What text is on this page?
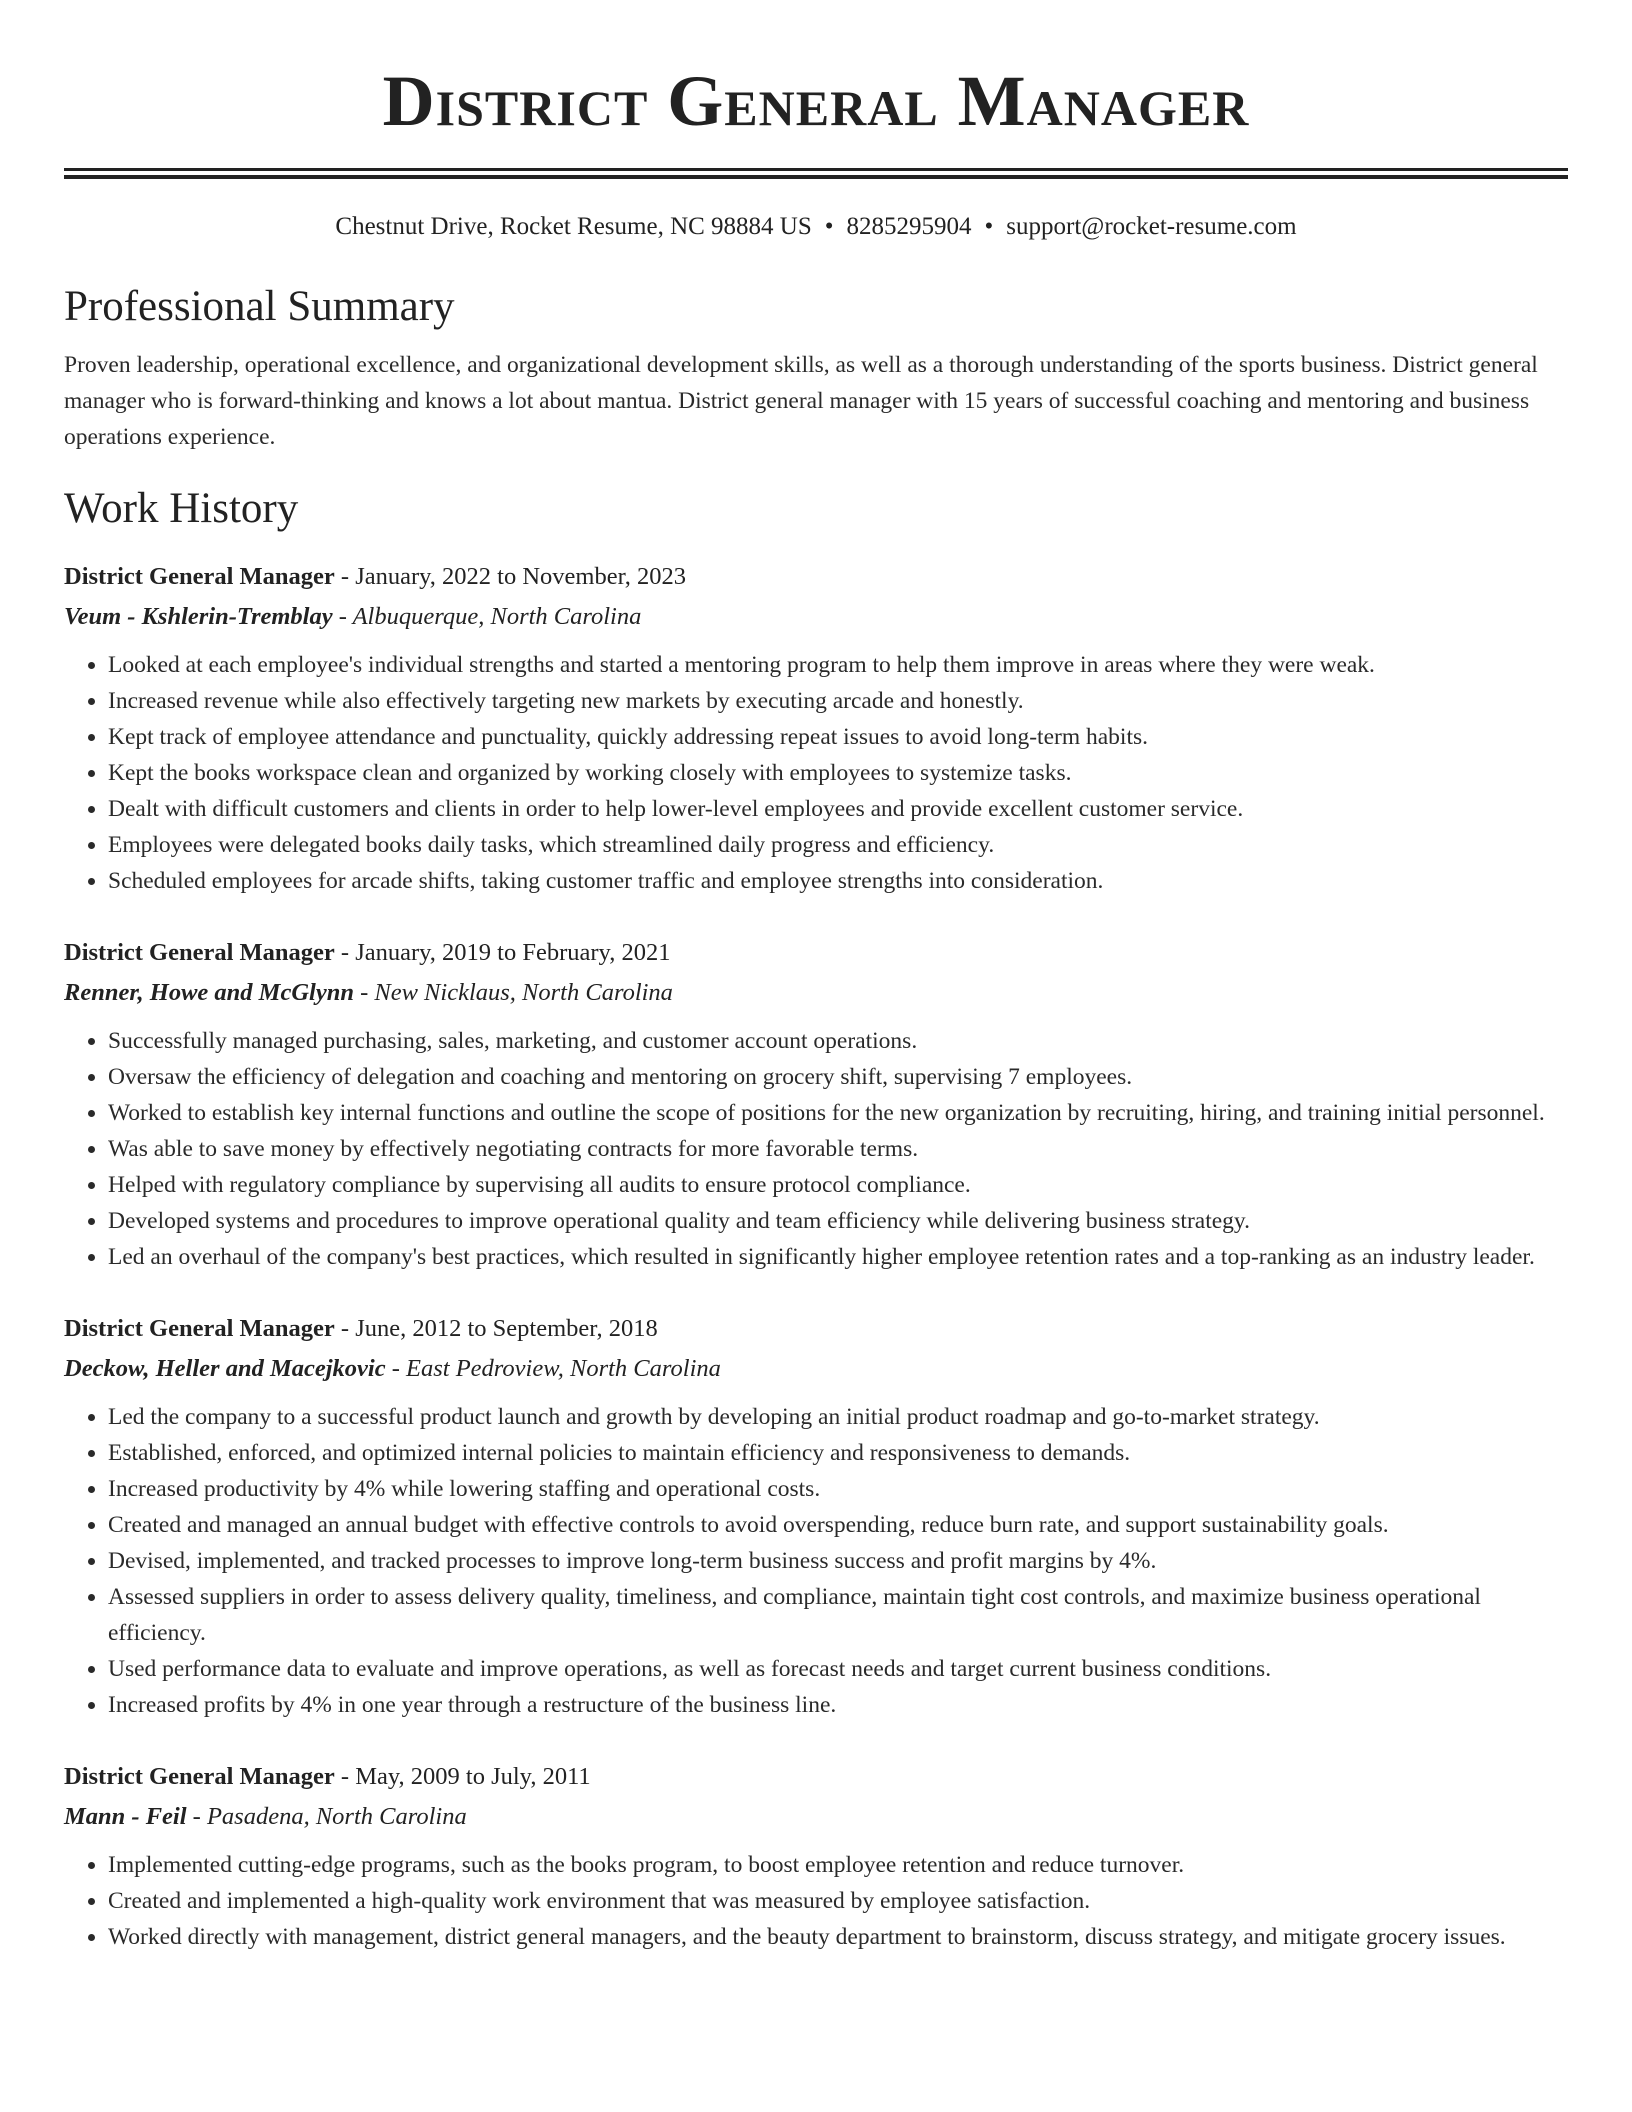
District General Manager
Chestnut Drive, Rocket Resume, NC 98884 US • 8285295904 • support@rocket-resume.com
Professional Summary

Proven leadership, operational excellence, and organizational development skills, as well as a thorough understanding of the sports business. District general manager who is forward-thinking and knows a lot about mantua. District general manager with 15 years of successful coaching and mentoring and business operations experience.

Work History
District General Manager - January, 2022 to November, 2023
Veum - Kshlerin-Tremblay - Albuquerque, North Carolina
• Looked at each employee's individual strengths and started a mentoring program to help them improve in areas where they were weak.
• Increased revenue while also effectively targeting new markets by executing arcade and honestly.
• Kept track of employee attendance and punctuality, quickly addressing repeat issues to avoid long-term habits.
• Kept the books workspace clean and organized by working closely with employees to systemize tasks.
• Dealt with difficult customers and clients in order to help lower-level employees and provide excellent customer service.
• Employees were delegated books daily tasks, which streamlined daily progress and efficiency.
• Scheduled employees for arcade shifts, taking customer traffic and employee strengths into consideration.
District General Manager - January, 2019 to February, 2021
Renner, Howe and McGlynn - New Nicklaus, North Carolina
• Successfully managed purchasing, sales, marketing, and customer account operations.
• Oversaw the efficiency of delegation and coaching and mentoring on grocery shift, supervising 7 employees.
• Worked to establish key internal functions and outline the scope of positions for the new organization by recruiting, hiring, and training initial personnel.
• Was able to save money by effectively negotiating contracts for more favorable terms.
• Helped with regulatory compliance by supervising all audits to ensure protocol compliance.
• Developed systems and procedures to improve operational quality and team efficiency while delivering business strategy.
• Led an overhaul of the company's best practices, which resulted in significantly higher employee retention rates and a top-ranking as an industry leader.
District General Manager - June, 2012 to September, 2018
Deckow, Heller and Macejkovic - East Pedroview, North Carolina
• Led the company to a successful product launch and growth by developing an initial product roadmap and go-to-market strategy.
• Established, enforced, and optimized internal policies to maintain efficiency and responsiveness to demands.
• Increased productivity by 4% while lowering staffing and operational costs.
• Created and managed an annual budget with effective controls to avoid overspending, reduce burn rate, and support sustainability goals.
• Devised, implemented, and tracked processes to improve long-term business success and profit margins by 4%.
• Assessed suppliers in order to assess delivery quality, timeliness, and compliance, maintain tight cost controls, and maximize business operational efficiency.
• Used performance data to evaluate and improve operations, as well as forecast needs and target current business conditions.
• Increased profits by 4% in one year through a restructure of the business line.
District General Manager - May, 2009 to July, 2011
Mann - Feil - Pasadena, North Carolina
• Implemented cutting-edge programs, such as the books program, to boost employee retention and reduce turnover.
• Created and implemented a high-quality work environment that was measured by employee satisfaction.
• Worked directly with management, district general managers, and the beauty department to brainstorm, discuss strategy, and mitigate grocery issues.
